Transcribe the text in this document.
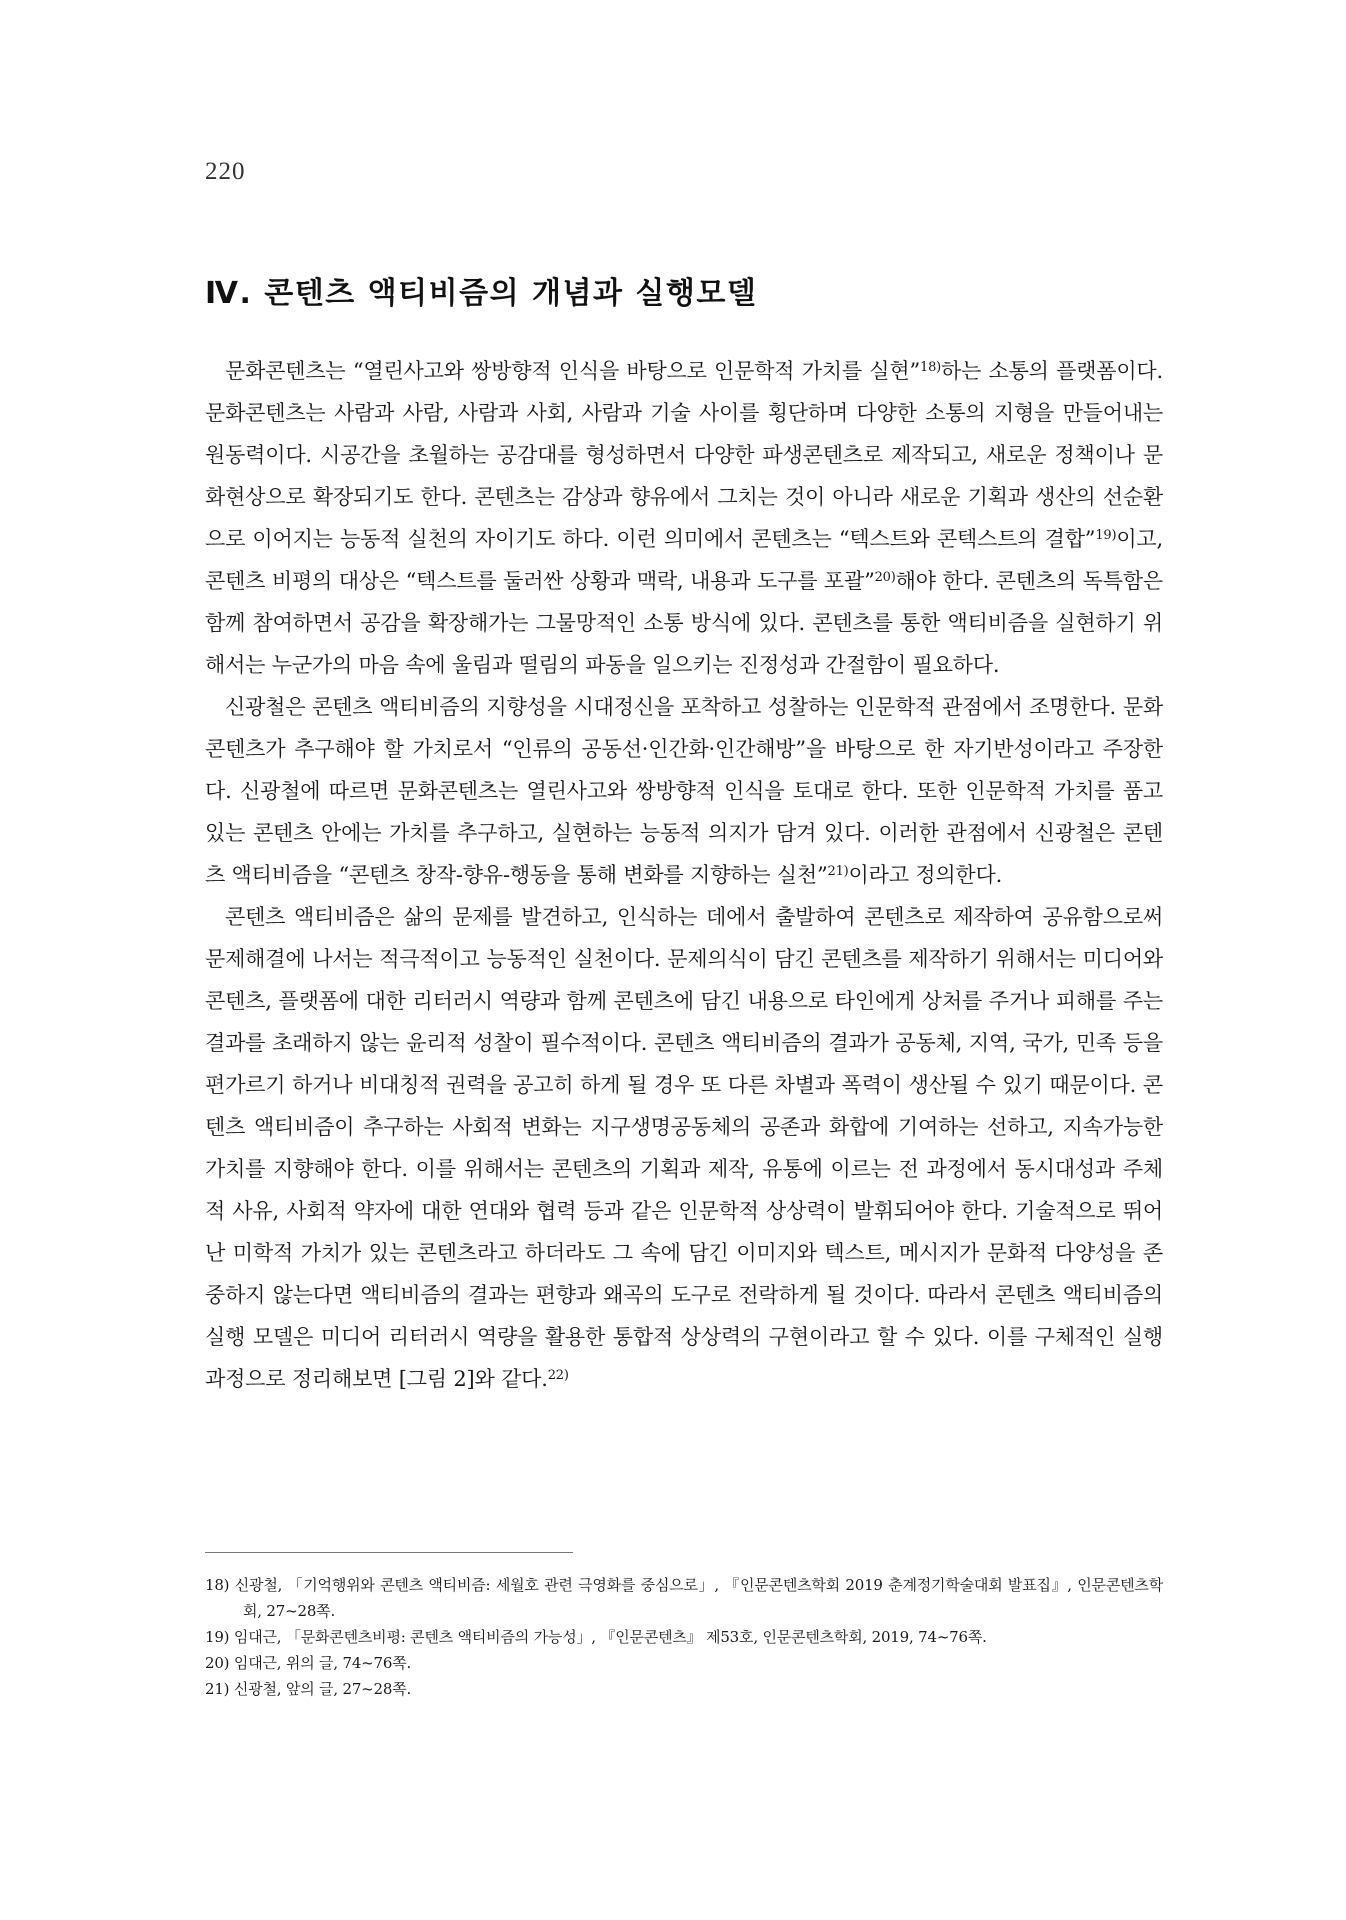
220
Ⅳ. 콘텐츠 액티비즘의 개념과 실행모델

문화콘텐츠는 “열린사고와 쌍방향적 인식을 바탕으로 인문학적 가치를 실현”$^{18)}$하는 소통의 플랫폼이다. 문화콘텐츠는 사람과 사람, 사람과 사회, 사람과 기술 사이를 횡단하며 다양한 소통의 지형을 만들어내는 원동력이다. 시공간을 초월하는 공감대를 형성하면서 다양한 파생콘텐츠로 제작되고, 새로운 정책이나 문화현상으로 확장되기도 한다. 콘텐츠는 감상과 향유에서 그치는 것이 아니라 새로운 기획과 생산의 선순환으로 이어지는 능동적 실천의 자이기도 하다. 이런 의미에서 콘텐츠는 “텍스트와 콘텍스트의 결합”$^{19)}$이고, 콘텐츠 비평의 대상은 “텍스트를 둘러싼 상황과 맥락, 내용과 도구를 포괄”$^{20)}$해야 한다. 콘텐츠의 독특함은 함께 참여하면서 공감을 확장해가는 그물망적인 소통 방식에 있다. 콘텐츠를 통한 액티비즘을 실현하기 위해서는 누군가의 마음 속에 울림과 떨림의 파동을 일으키는 진정성과 간절함이 필요하다.

신광철은 콘텐츠 액티비즘의 지향성을 시대정신을 포착하고 성찰하는 인문학적 관점에서 조명한다. 문화콘텐츠가 추구해야 할 가치로서 “인류의 공동선·인간화·인간해방”을 바탕으로 한 자기반성이라고 주장한다. 신광철에 따르면 문화콘텐츠는 열린사고와 쌍방향적 인식을 토대로 한다. 또한 인문학적 가치를 품고 있는 콘텐츠 안에는 가치를 추구하고, 실현하는 능동적 의지가 담겨 있다. 이러한 관점에서 신광철은 콘텐츠 액티비즘을 “콘텐츠 창작-향유-행동을 통해 변화를 지향하는 실천”$^{21)}$이라고 정의한다.

콘텐츠 액티비즘은 삶의 문제를 발견하고, 인식하는 데에서 출발하여 콘텐츠로 제작하여 공유함으로써 문제해결에 나서는 적극적이고 능동적인 실천이다. 문제의식이 담긴 콘텐츠를 제작하기 위해서는 미디어와 콘텐츠, 플랫폼에 대한 리터러시 역량과 함께 콘텐츠에 담긴 내용으로 타인에게 상처를 주거나 피해를 주는 결과를 초래하지 않는 윤리적 성찰이 필수적이다. 콘텐츠 액티비즘의 결과가 공동체, 지역, 국가, 민족 등을 편가르기 하거나 비대칭적 권력을 공고히 하게 될 경우 또 다른 차별과 폭력이 생산될 수 있기 때문이다. 콘텐츠 액티비즘이 추구하는 사회적 변화는 지구생명공동체의 공존과 화합에 기여하는 선하고, 지속가능한 가치를 지향해야 한다. 이를 위해서는 콘텐츠의 기획과 제작, 유통에 이르는 전 과정에서 동시대성과 주체적 사유, 사회적 약자에 대한 연대와 협력 등과 같은 인문학적 상상력이 발휘되어야 한다. 기술적으로 뛰어난 미학적 가치가 있는 콘텐츠라고 하더라도 그 속에 담긴 이미지와 텍스트, 메시지가 문화적 다양성을 존중하지 않는다면 액티비즘의 결과는 편향과 왜곡의 도구로 전락하게 될 것이다. 따라서 콘텐츠 액티비즘의 실행 모델은 미디어 리터러시 역량을 활용한 통합적 상상력의 구현이라고 할 수 있다. 이를 구체적인 실행 과정으로 정리해보면 [그림 2]와 같다.$^{22)}$

18) 신광철, 「기억행위와 콘텐츠 액티비즘: 세월호 관련 극영화를 중심으로」, 『인문콘텐츠학회 2019 춘계정기학술대회 발표집』, 인문콘텐츠학회, 27~28쪽.
19) 임대근, 「문화콘텐츠비평: 콘텐츠 액티비즘의 가능성」, 『인문콘텐츠』 제53호, 인문콘텐츠학회, 2019, 74~76쪽.
20) 임대근, 위의 글, 74~76쪽.
21) 신광철, 앞의 글, 27~28쪽.
